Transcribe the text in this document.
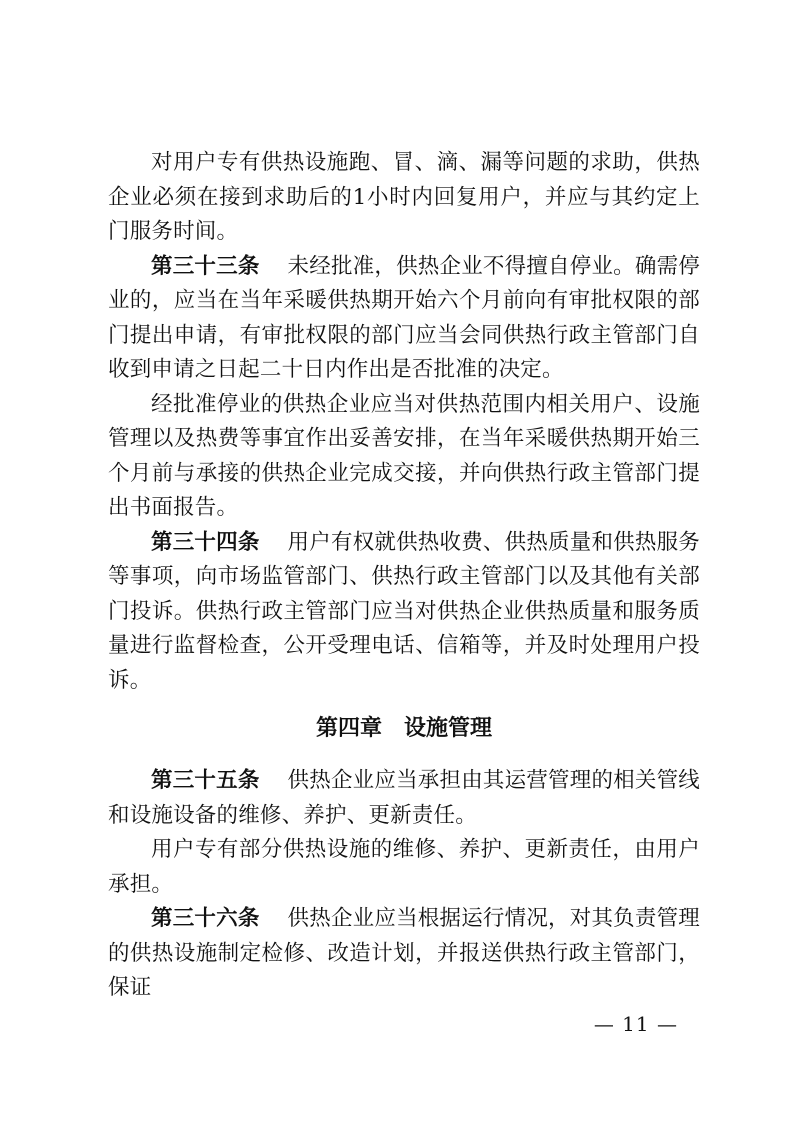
对用户专有供热设施跑、冒、滴、漏等问题的求助，供热企业必须在接到求助后的1小时内回复用户，并应与其约定上门服务时间。

第三十三条 未经批准，供热企业不得擅自停业。确需停业的，应当在当年采暖供热期开始六个月前向有审批权限的部门提出申请，有审批权限的部门应当会同供热行政主管部门自收到申请之日起二十日内作出是否批准的决定。

经批准停业的供热企业应当对供热范围内相关用户、设施管理以及热费等事宜作出妥善安排，在当年采暖供热期开始三个月前与承接的供热企业完成交接，并向供热行政主管部门提出书面报告。

第三十四条 用户有权就供热收费、供热质量和供热服务等事项，向市场监管部门、供热行政主管部门以及其他有关部门投诉。供热行政主管部门应当对供热企业供热质量和服务质量进行监督检查，公开受理电话、信箱等，并及时处理用户投诉。

第四章 设施管理

第三十五条 供热企业应当承担由其运营管理的相关管线和设施设备的维修、养护、更新责任。

用户专有部分供热设施的维修、养护、更新责任，由用户承担。

第三十六条 供热企业应当根据运行情况，对其负责管理的供热设施制定检修、改造计划，并报送供热行政主管部门，保证

— 11 —
